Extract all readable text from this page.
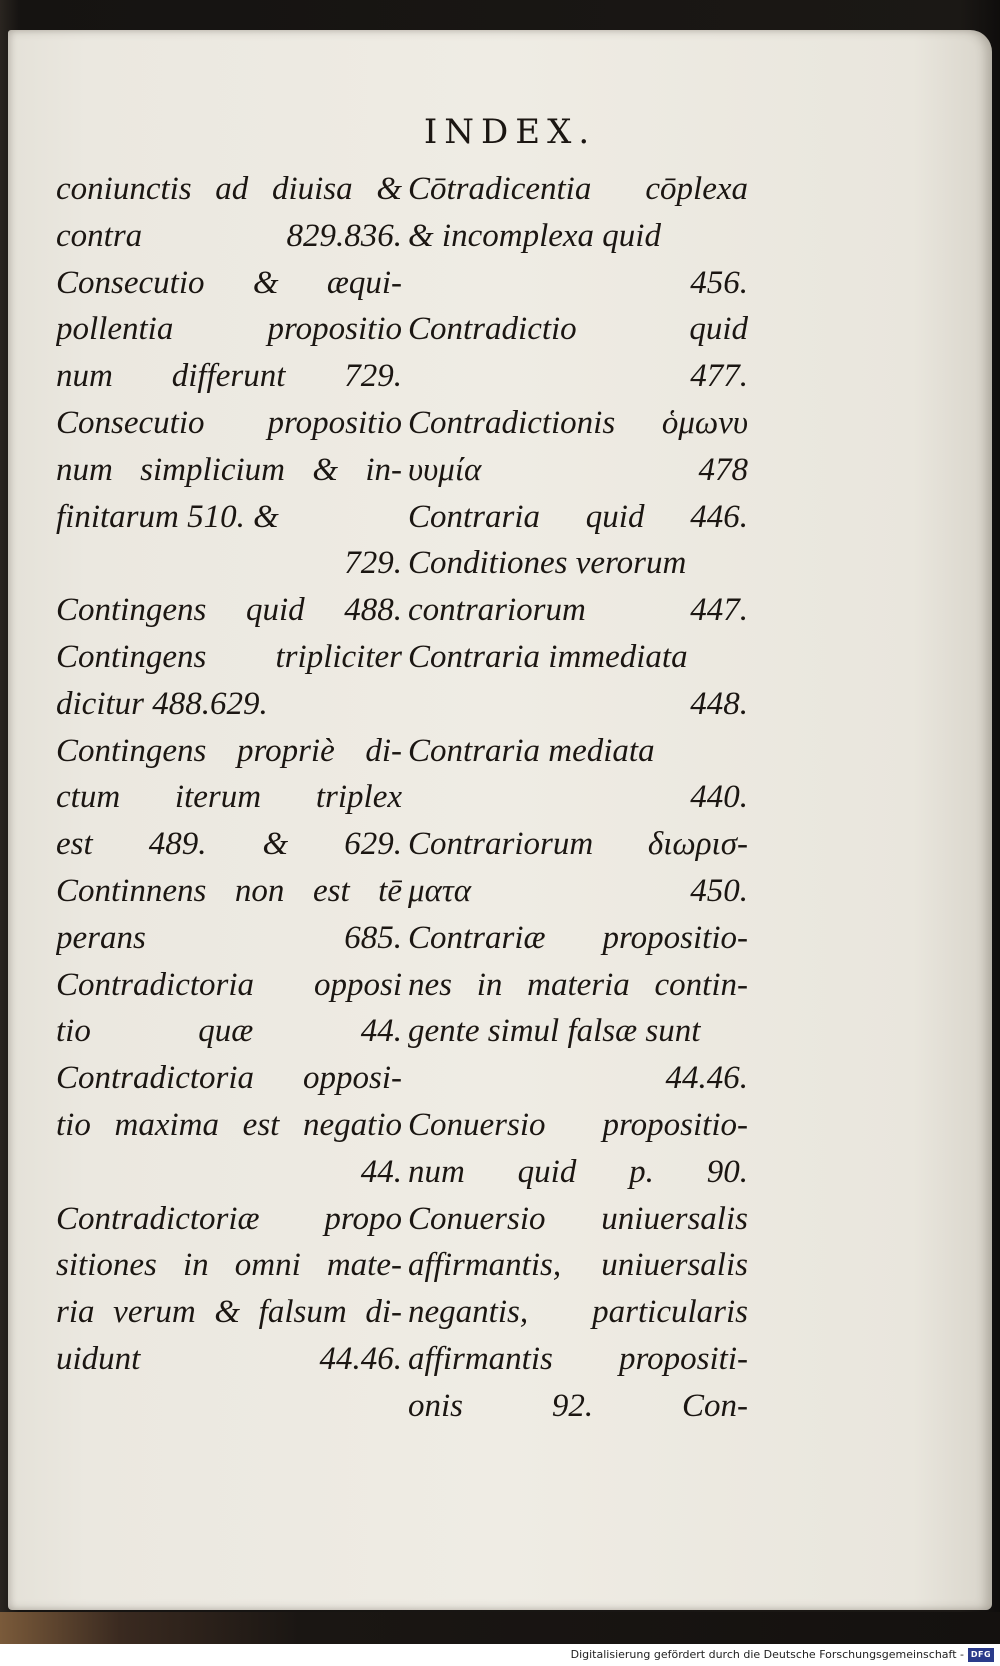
INDEX.
coniunctis ad diuisa &
contra 829.836.
Consecutio & æqui-
pollentia propositio
num differunt 729.
Consecutio propositio
num simplicium & in-
finitarum 510. &
729.
Contingens quid 488.
Contingens tripliciter
dicitur 488.629.
Contingens propriè di-
ctum iterum triplex
est 489. & 629.
Continnens non est tē
perans 685.
Contradictoria opposi
tio quæ 44.
Contradictoria opposi-
tio maxima est negatio
44.
Contradictoriæ propo
sitiones in omni mate-
ria verum & falsum di-
uidunt 44.46.
Cōtradicentia cōplexa
& incomplexa quid
456.
Contradictio quid
477.
Contradictionis ὁμωνυ
υυμία 478
Contraria quid 446.
Conditiones verorum
contrariorum 447.
Contraria immediata
448.
Contraria mediata
440.
Contrariorum διωρισ-
ματα 450.
Contrariæ propositio-
nes in materia contin-
gente simul falsæ sunt
44.46.
Conuersio propositio-
num quid p. 90.
Conuersio uniuersalis
affirmantis, uniuersalis
negantis, particularis
affirmantis propositi-
onis 92. Con-
Digitalisierung gefördert durch die Deutsche Forschungsgemeinschaft - DFG
